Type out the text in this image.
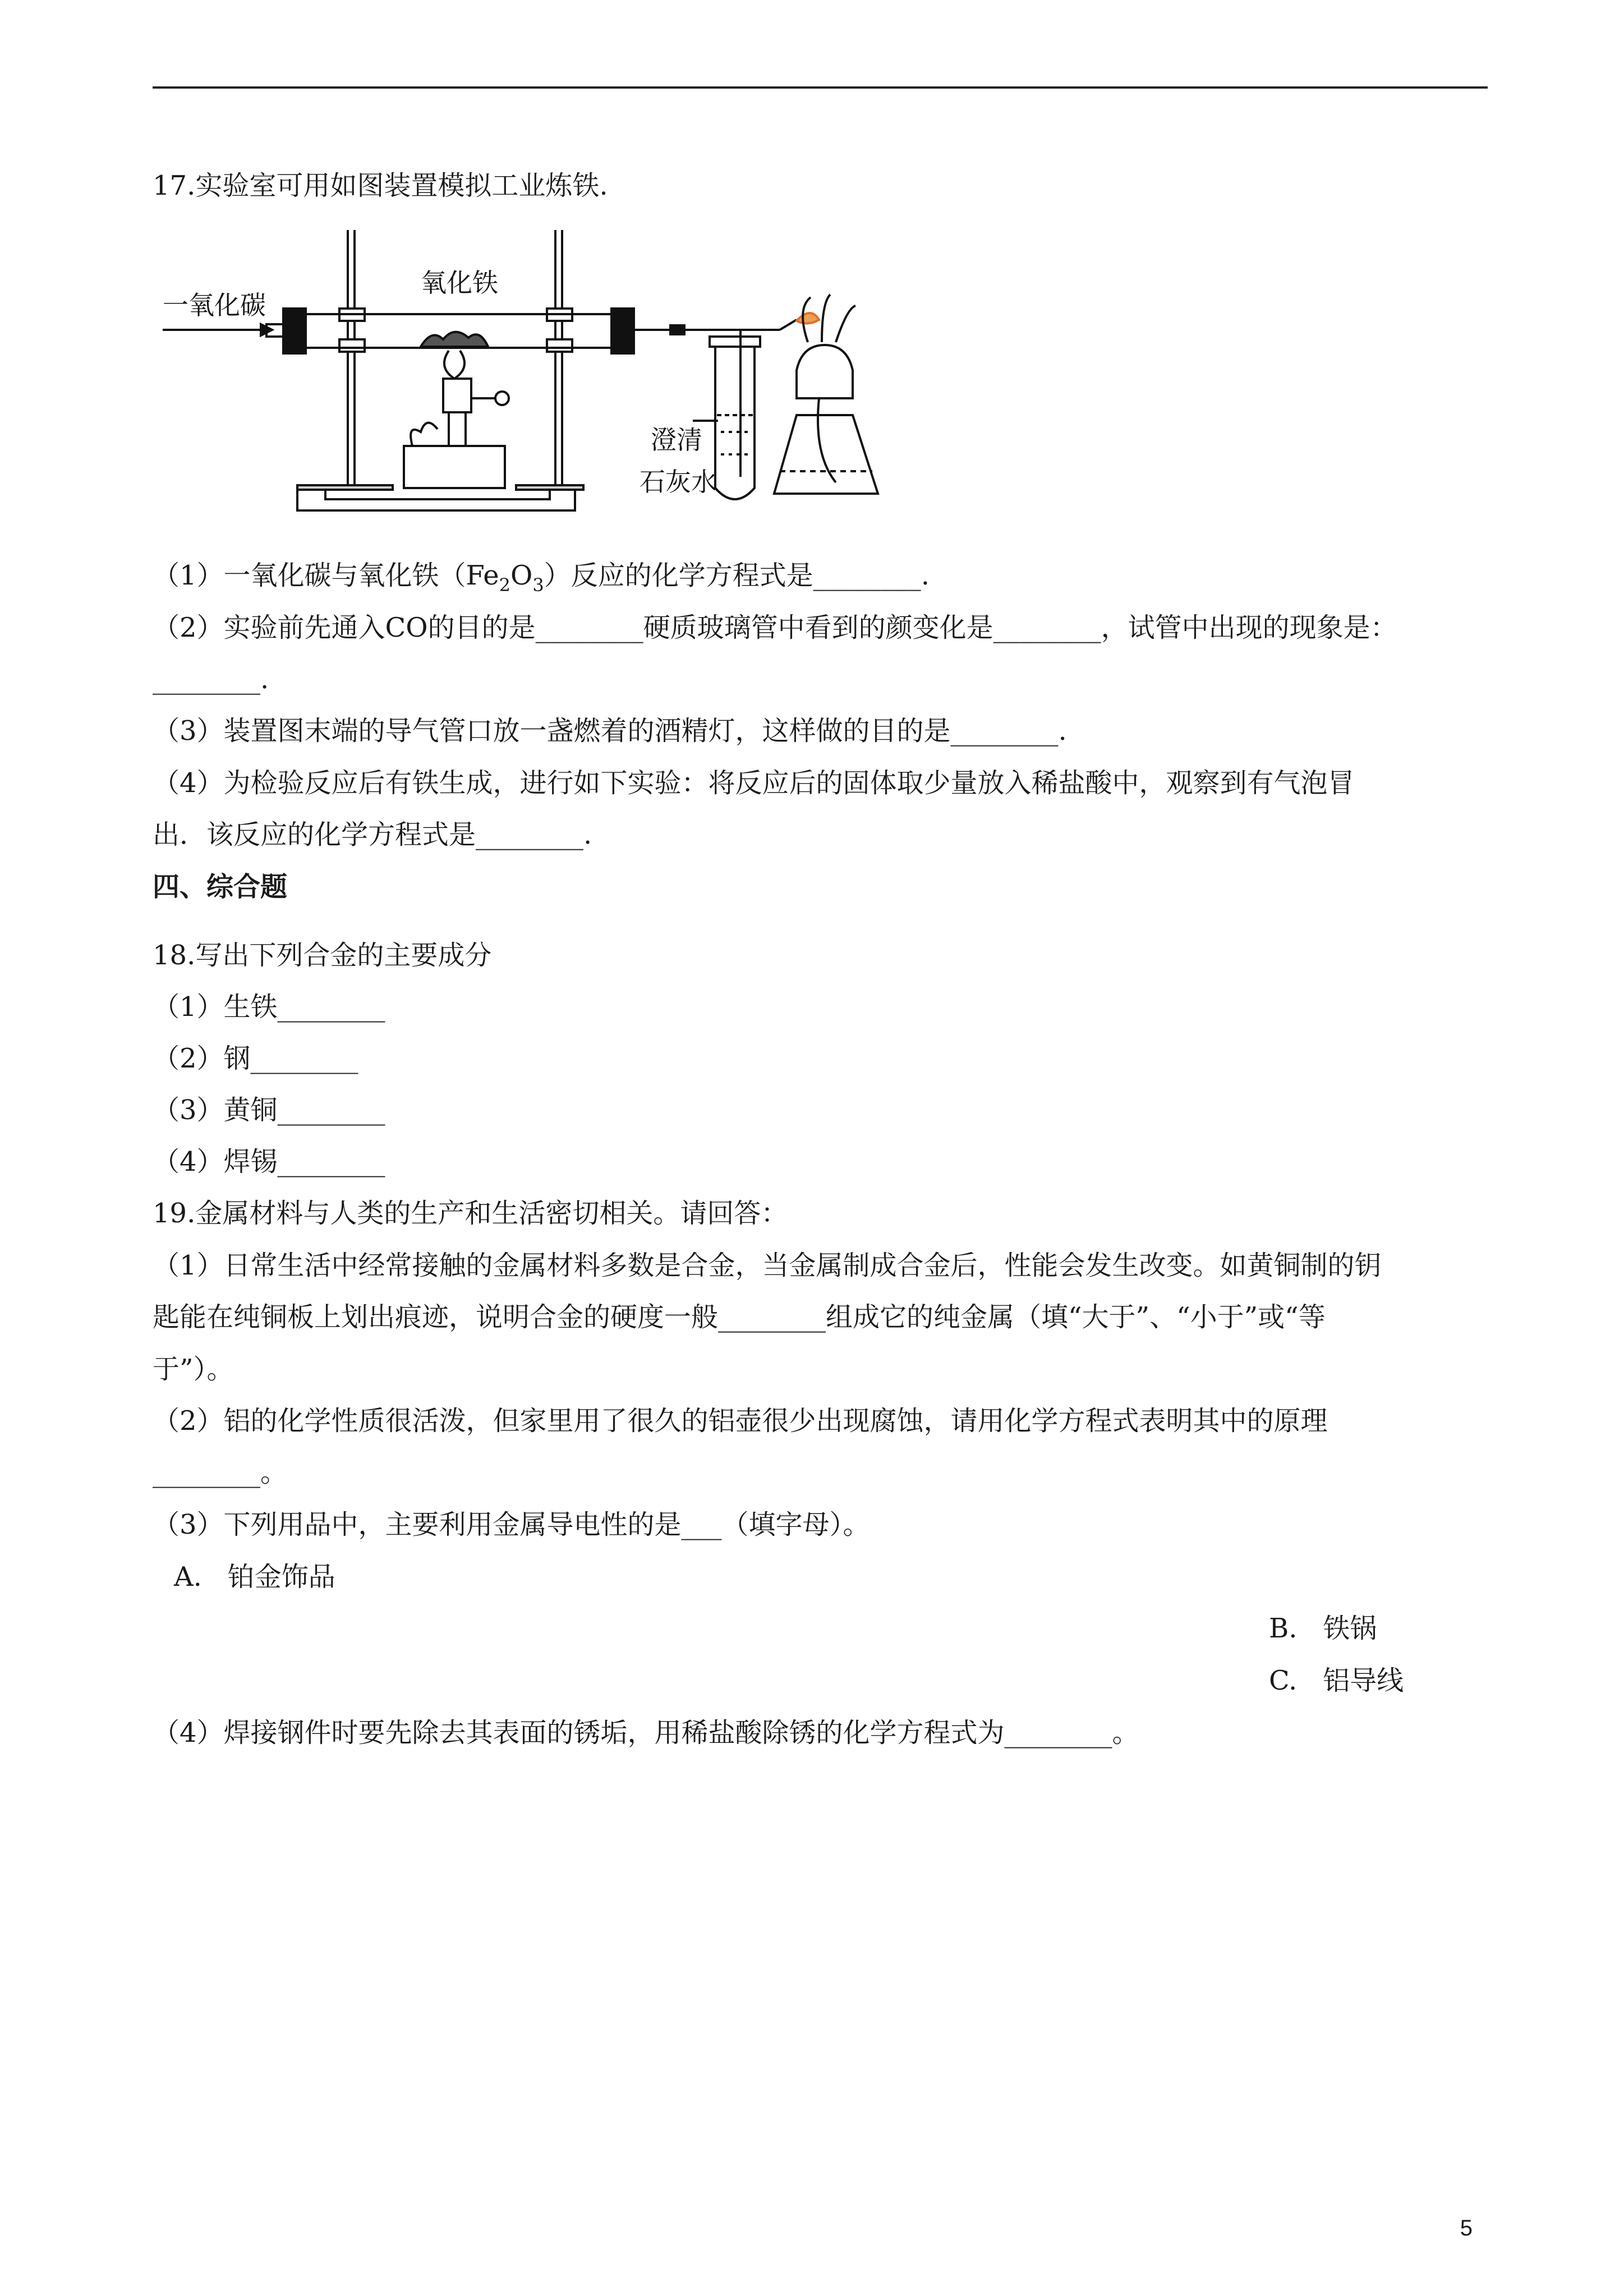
17.实验室可用如图装置模拟工业炼铁.
一氧化碳
氧化铁
澄清
石灰水
（1）一氧化碳与氧化铁$(Fe_2O_3)$反应的化学方程式是________.
（2）实验前先通入CO的目的是________硬质玻璃管中看到的颜变化是________，试管中出现的现象是：
________.
（3）装置图末端的导气管口放一盏燃着的酒精灯，这样做的目的是________.
（4）为检验反应后有铁生成，进行如下实验：将反应后的固体取少量放入稀盐酸中，观察到有气泡冒
出．该反应的化学方程式是________.
四、综合题
18.写出下列合金的主要成分
（1）生铁________
（2）钢________
（3）黄铜________
（4）焊锡________
19.金属材料与人类的生产和生活密切相关。请回答：
（1）日常生活中经常接触的金属材料多数是合金，当金属制成合金后，性能会发生改变。如黄铜制的钥
匙能在纯铜板上划出痕迹，说明合金的硬度一般________组成它的纯金属（填“大于”、“小于”或“等
于”）。
（2）铝的化学性质很活泼，但家里用了很久的铝壶很少出现腐蚀，请用化学方程式表明其中的原理
________。
（3）下列用品中，主要利用金属导电性的是___（填字母）。
A. 铂金饰品
B. 铁锅
C. 铝导线
（4）焊接钢件时要先除去其表面的锈垢，用稀盐酸除锈的化学方程式为________。
5
